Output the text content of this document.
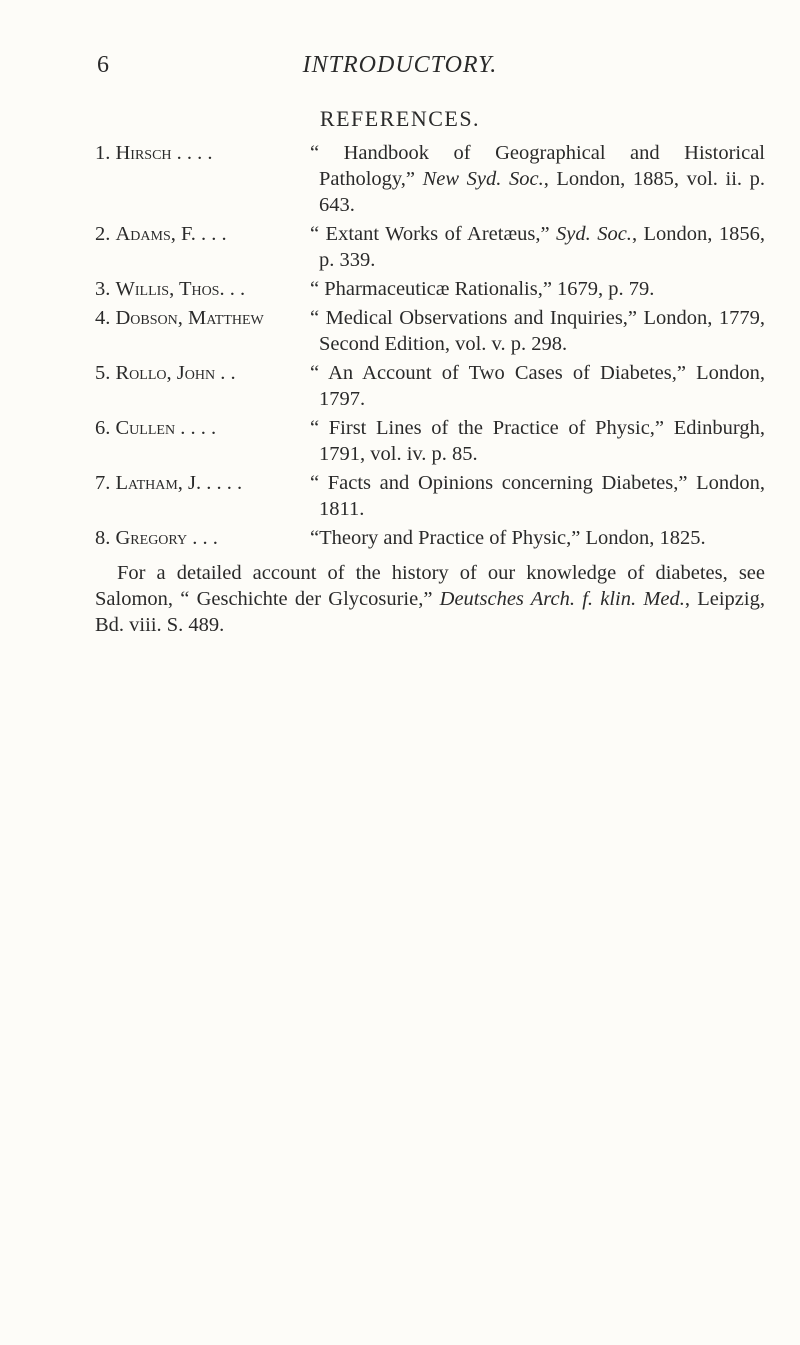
6	INTRODUCTORY.
REFERENCES.
1. Hirsch . . . .	“ Handbook of Geographical and Historical Pathology,” New Syd. Soc., London, 1885, vol. ii. p. 643.
2. Adams, F. . . .	“ Extant Works of Aretæus,” Syd. Soc., London, 1856, p. 339.
3. Willis, Thos. . .	“ Pharmaceuticæ Rationalis,” 1679, p. 79.
4. Dobson, Matthew	“ Medical Observations and Inquiries,” London, 1779, Second Edition, vol. v. p. 298.
5. Rollo, John . .	“ An Account of Two Cases of Diabetes,” London, 1797.
6. Cullen . . . .	“ First Lines of the Practice of Physic,” Edinburgh, 1791, vol. iv. p. 85.
7. Latham, J. . . . .	“ Facts and Opinions concerning Diabetes,” London, 1811.
8. Gregory . . .	“Theory and Practice of Physic,” London, 1825.

For a detailed account of the history of our knowledge of diabetes, see Salomon, “ Geschichte der Glycosurie,” Deutsches Arch. f. klin. Med., Leipzig, Bd. viii. S. 489.
